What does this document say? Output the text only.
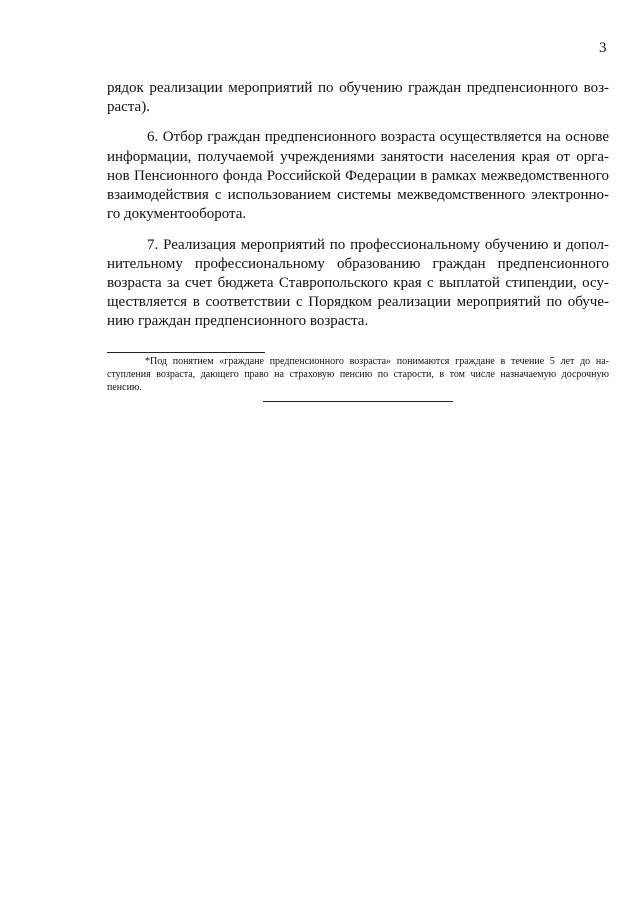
3
рядок реализации мероприятий по обучению граждан предпенсионного воз-
раста).
6. Отбор граждан предпенсионного возраста осуществляется на основе
информации, получаемой учреждениями занятости населения края от орга-
нов Пенсионного фонда Российской Федерации в рамках межведомственного
взаимодействия с использованием системы межведомственного электронно-
го документооборота.
7. Реализация мероприятий по профессиональному обучению и допол-
нительному профессиональному образованию граждан предпенсионного
возраста за счет бюджета Ставропольского края с выплатой стипендии, осу-
ществляется в соответствии с Порядком реализации мероприятий по обуче-
нию граждан предпенсионного возраста.
*Под понятием «граждане предпенсионного возраста» понимаются граждане в течение 5 лет до на-
ступления возраста, дающего право на страховую пенсию по старости, в том числе назначаемую досрочную
пенсию.
